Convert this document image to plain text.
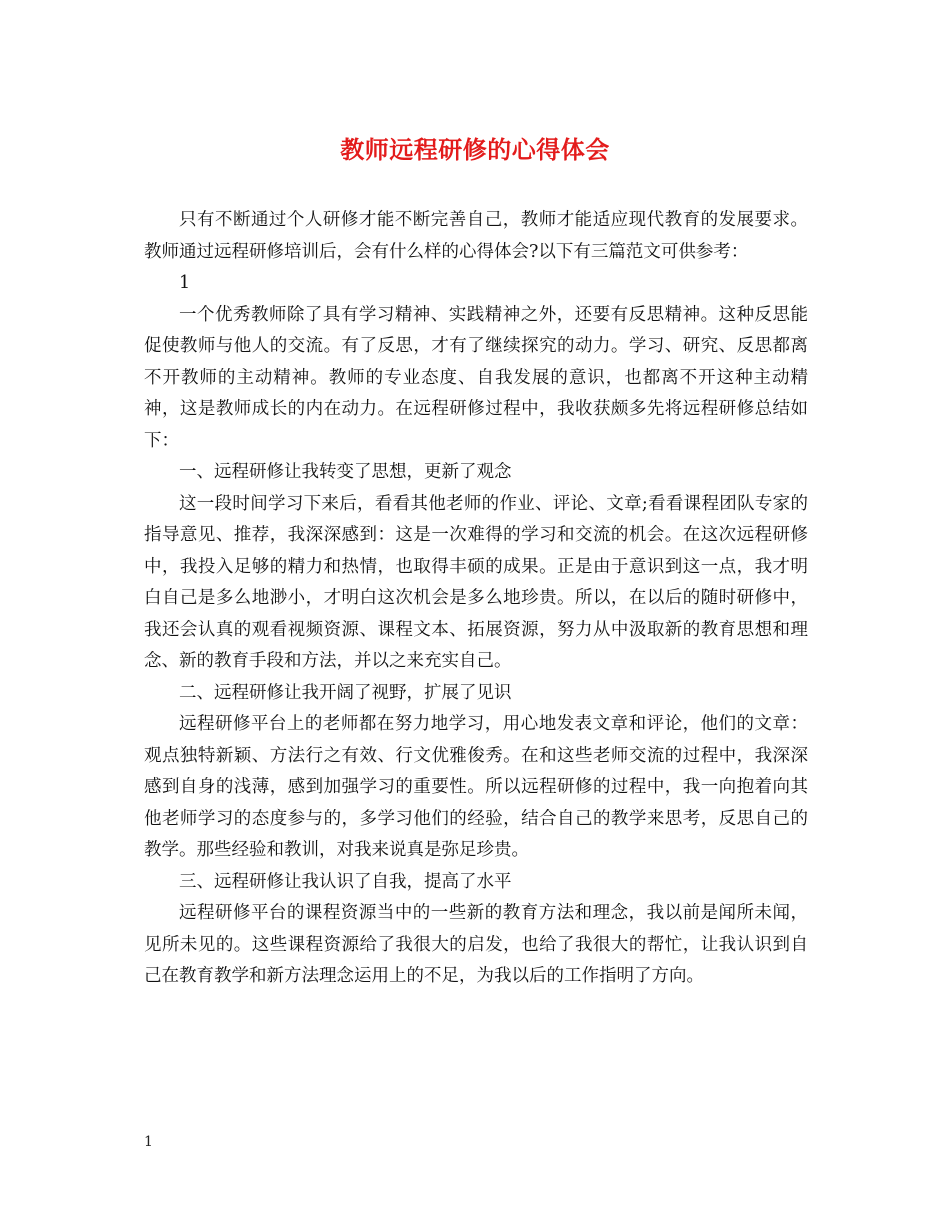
教师远程研修的心得体会

只有不断通过个人研修才能不断完善自己，教师才能适应现代教育的发展要求。教师通过远程研修培训后，会有什么样的心得体会?以下有三篇范文可供参考：

1

一个优秀教师除了具有学习精神、实践精神之外，还要有反思精神。这种反思能促使教师与他人的交流。有了反思，才有了继续探究的动力。学习、研究、反思都离不开教师的主动精神。教师的专业态度、自我发展的意识，也都离不开这种主动精神，这是教师成长的内在动力。在远程研修过程中，我收获颇多先将远程研修总结如下：

一、远程研修让我转变了思想，更新了观念

这一段时间学习下来后，看看其他老师的作业、评论、文章;看看课程团队专家的指导意见、推荐，我深深感到：这是一次难得的学习和交流的机会。在这次远程研修中，我投入足够的精力和热情，也取得丰硕的成果。正是由于意识到这一点，我才明白自己是多么地渺小，才明白这次机会是多么地珍贵。所以，在以后的随时研修中，我还会认真的观看视频资源、课程文本、拓展资源，努力从中汲取新的教育思想和理念、新的教育手段和方法，并以之来充实自己。

二、远程研修让我开阔了视野，扩展了见识

远程研修平台上的老师都在努力地学习，用心地发表文章和评论，他们的文章：观点独特新颖、方法行之有效、行文优雅俊秀。在和这些老师交流的过程中，我深深感到自身的浅薄，感到加强学习的重要性。所以远程研修的过程中，我一向抱着向其他老师学习的态度参与的，多学习他们的经验，结合自己的教学来思考，反思自己的教学。那些经验和教训，对我来说真是弥足珍贵。

三、远程研修让我认识了自我，提高了水平

远程研修平台的课程资源当中的一些新的教育方法和理念，我以前是闻所未闻，见所未见的。这些课程资源给了我很大的启发，也给了我很大的帮忙，让我认识到自己在教育教学和新方法理念运用上的不足，为我以后的工作指明了方向。

1
